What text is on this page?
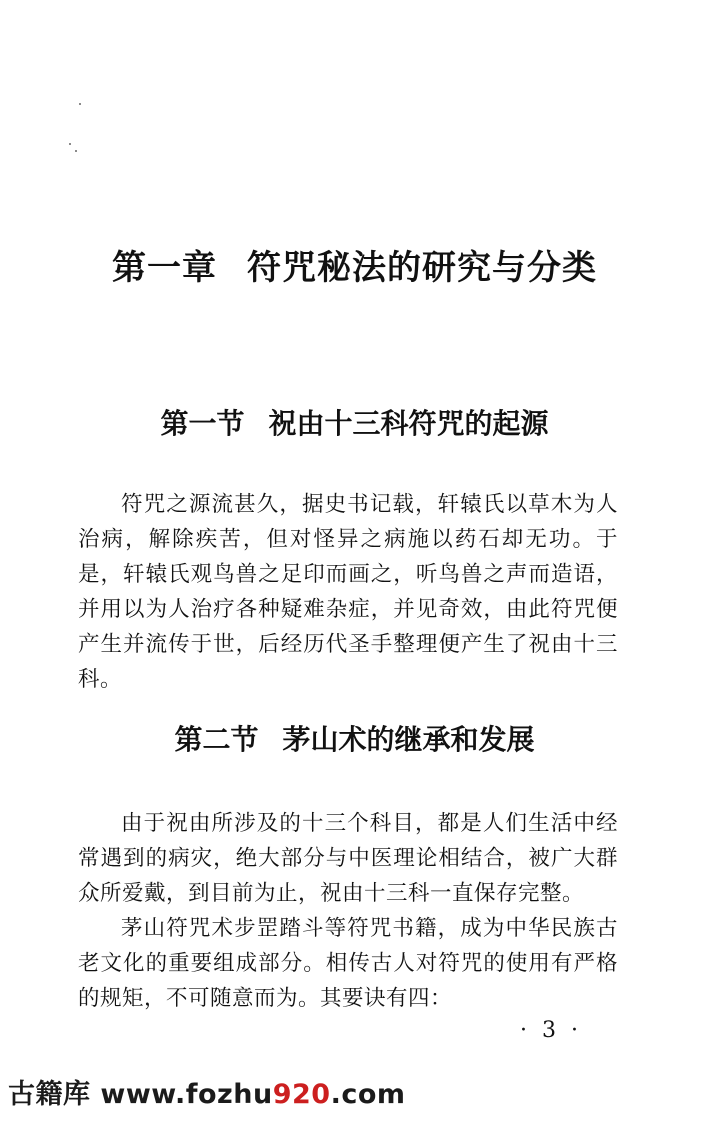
第一章 符咒秘法的研究与分类
第一节 祝由十三科符咒的起源

符咒之源流甚久，据史书记载，轩辕氏以草木为人治病，解除疾苦，但对怪异之病施以药石却无功。于是，轩辕氏观鸟兽之足印而画之，听鸟兽之声而造语，并用以为人治疗各种疑难杂症，并见奇效，由此符咒便产生并流传于世，后经历代圣手整理便产生了祝由十三科。

第二节 茅山术的继承和发展

由于祝由所涉及的十三个科目，都是人们生活中经常遇到的病灾，绝大部分与中医理论相结合，被广大群众所爱戴，到目前为止，祝由十三科一直保存完整。

茅山符咒术步罡踏斗等符咒书籍，成为中华民族古老文化的重要组成部分。相传古人对符咒的使用有严格的规矩，不可随意而为。其要诀有四：

· 3 ·
古籍库 www.fozhu920.com
